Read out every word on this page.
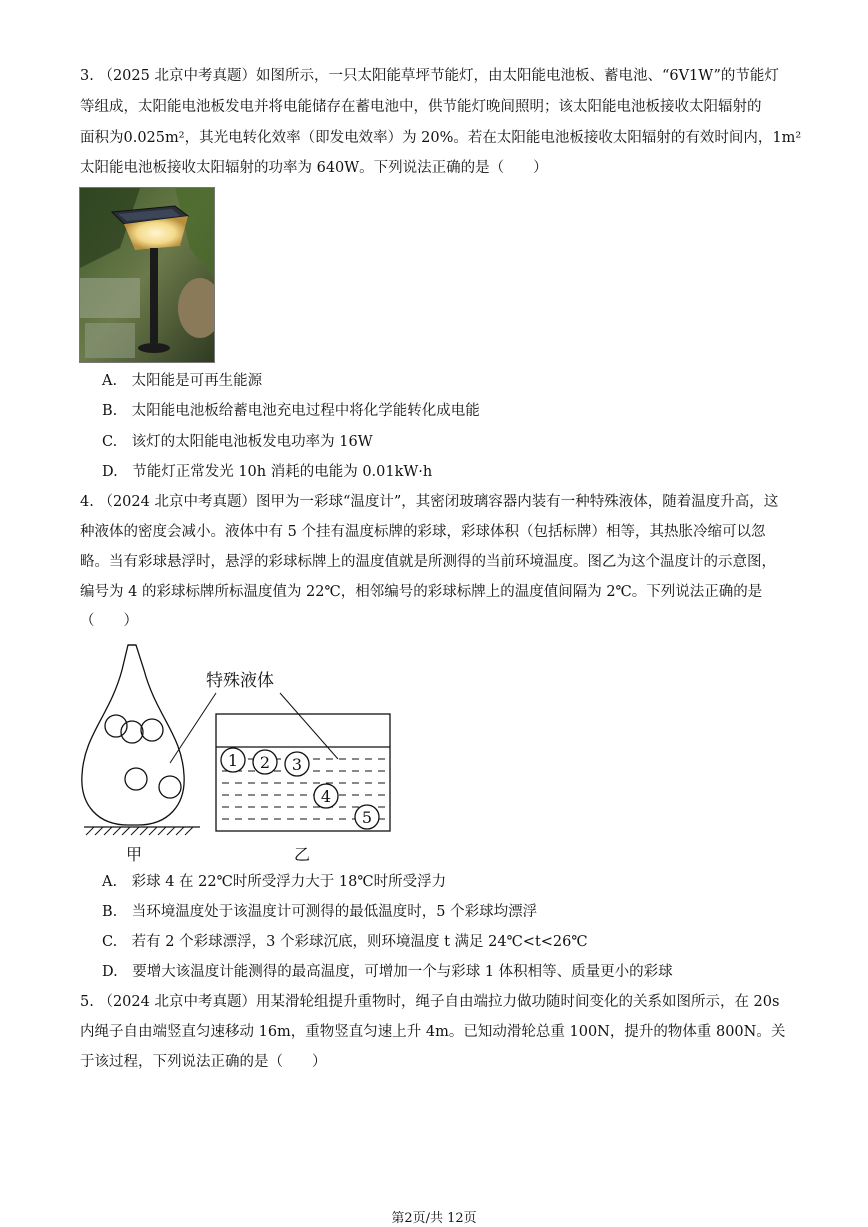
3. （2025 北京中考真题）如图所示，一只太阳能草坪节能灯，由太阳能电池板、蓄电池、“6V1W”的节能灯
等组成，太阳能电池板发电并将电能储存在蓄电池中，供节能灯晚间照明；该太阳能电池板接收太阳辐射的
面积为0.025m²，其光电转化效率（即发电效率）为 20%。若在太阳能电池板接收太阳辐射的有效时间内，1m²
太阳能电池板接收太阳辐射的功率为 640W。下列说法正确的是（　　）
A.　太阳能是可再生能源
B.　太阳能电池板给蓄电池充电过程中将化学能转化成电能
C.　该灯的太阳能电池板发电功率为 16W
D.　节能灯正常发光 10h 消耗的电能为 0.01kW·h
4. （2024 北京中考真题）图甲为一彩球“温度计”，其密闭玻璃容器内装有一种特殊液体，随着温度升高，这
种液体的密度会减小。液体中有 5 个挂有温度标牌的彩球，彩球体积（包括标牌）相等，其热胀冷缩可以忽
略。当有彩球悬浮时，悬浮的彩球标牌上的温度值就是所测得的当前环境温度。图乙为这个温度计的示意图，
编号为 4 的彩球标牌所标温度值为 22℃，相邻编号的彩球标牌上的温度值间隔为 2℃。下列说法正确的是
（　　）
特殊液体
1 2 3
4
5
甲	乙
A.　彩球 4 在 22℃时所受浮力大于 18℃时所受浮力
B.　当环境温度处于该温度计可测得的最低温度时，5 个彩球均漂浮
C.　若有 2 个彩球漂浮，3 个彩球沉底，则环境温度 t 满足 24℃<t<26℃
D.　要增大该温度计能测得的最高温度，可增加一个与彩球 1 体积相等、质量更小的彩球
5. （2024 北京中考真题）用某滑轮组提升重物时，绳子自由端拉力做功随时间变化的关系如图所示，在 20s
内绳子自由端竖直匀速移动 16m，重物竖直匀速上升 4m。已知动滑轮总重 100N，提升的物体重 800N。关
于该过程，下列说法正确的是（　　）
第2页/共 12页
